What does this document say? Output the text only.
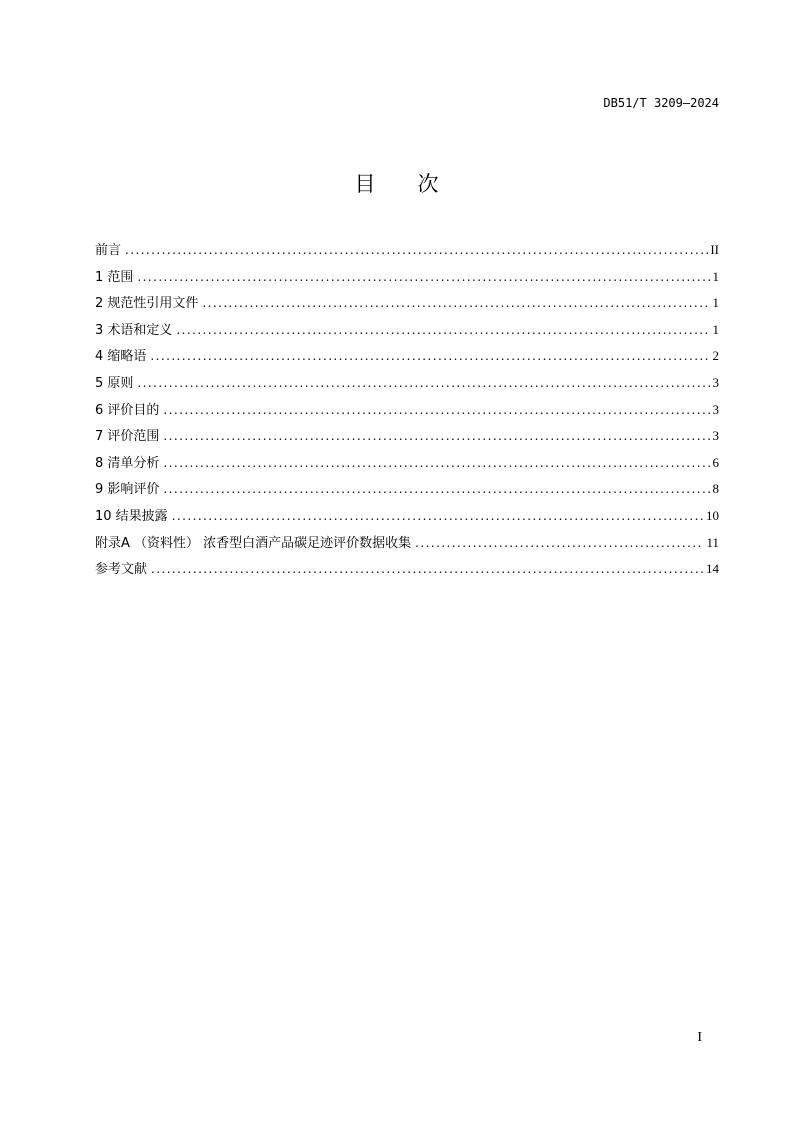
DB51/T 3209—2024
目 次
前言 . . .	II
1 范围 . . .	1
2 规范性引用文件 . . .	1
3 术语和定义 . . .	1
4 缩略语 . . .	2
5 原则 . . .	3
6 评价目的 . . .	3
7 评价范围 . . .	3
8 清单分析 . . .	6
9 影响评价 . . .	8
10 结果披露 . . .	10
附录A （资料性） 浓香型白酒产品碳足迹评价数据收集 . . .	11
参考文献 . . .	14
I
